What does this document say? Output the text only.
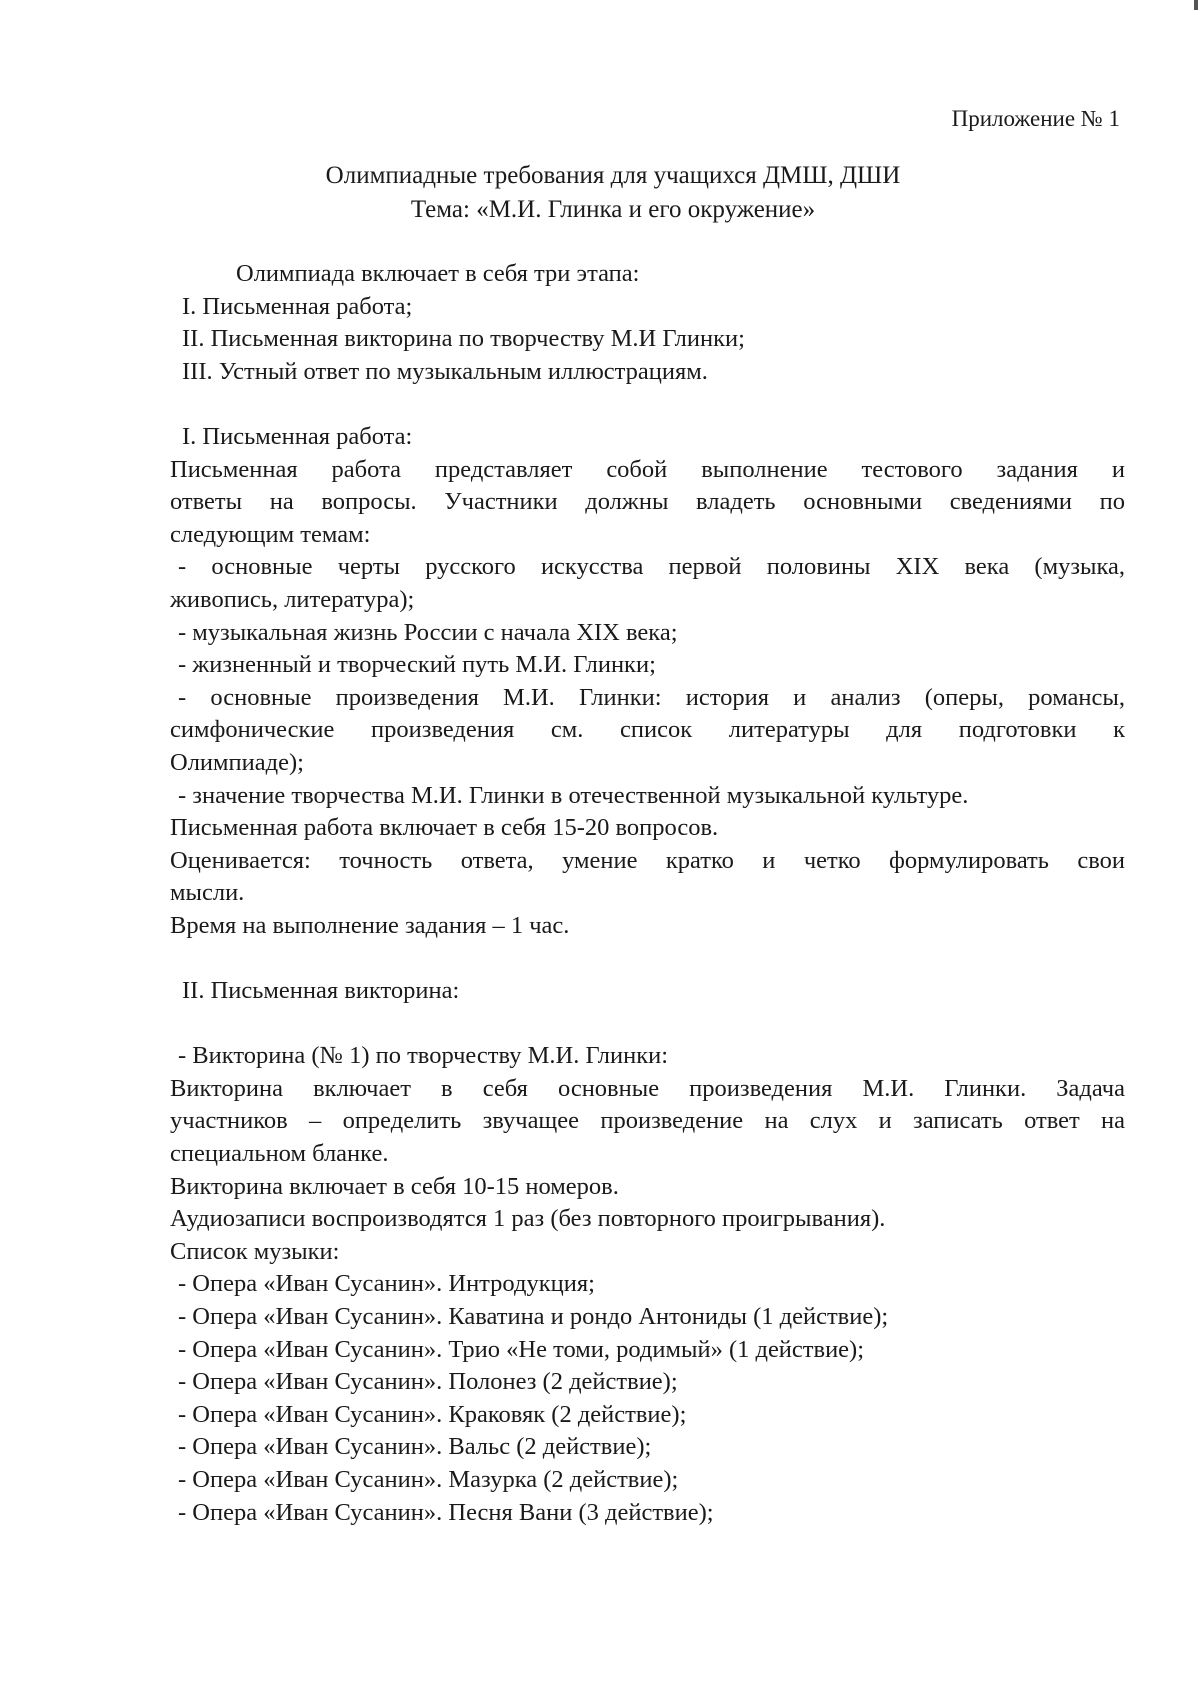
Приложение № 1
Олимпиадные требования для учащихся ДМШ, ДШИ
Тема: «М.И. Глинка и его окружение»

Олимпиада включает в себя три этапа:

I. Письменная работа;

II. Письменная викторина по творчеству М.И Глинки;

III. Устный ответ по музыкальным иллюстрациям.

I. Письменная работа:

Письменная работа представляет собой выполнение тестового задания и

ответы на вопросы. Участники должны владеть основными сведениями по

следующим темам:

- основные черты русского искусства первой половины XIX века (музыка,

живопись, литература);

- музыкальная жизнь России с начала XIX века;

- жизненный и творческий путь М.И. Глинки;

- основные произведения М.И. Глинки: история и анализ (оперы, романсы,

симфонические произведения см. список литературы для подготовки к

Олимпиаде);

- значение творчества М.И. Глинки в отечественной музыкальной культуре.

Письменная работа включает в себя 15-20 вопросов.

Оценивается: точность ответа, умение кратко и четко формулировать свои

мысли.

Время на выполнение задания – 1 час.

II. Письменная викторина:

- Викторина (№ 1) по творчеству М.И. Глинки:

Викторина включает в себя основные произведения М.И. Глинки. Задача

участников – определить звучащее произведение на слух и записать ответ на

специальном бланке.

Викторина включает в себя 10-15 номеров.

Аудиозаписи воспроизводятся 1 раз (без повторного проигрывания).

Список музыки:

- Опера «Иван Сусанин». Интродукция;

- Опера «Иван Сусанин». Каватина и рондо Антониды (1 действие);

- Опера «Иван Сусанин». Трио «Не томи, родимый» (1 действие);

- Опера «Иван Сусанин». Полонез (2 действие);

- Опера «Иван Сусанин». Краковяк (2 действие);

- Опера «Иван Сусанин». Вальс (2 действие);

- Опера «Иван Сусанин». Мазурка (2 действие);

- Опера «Иван Сусанин». Песня Вани (3 действие);
